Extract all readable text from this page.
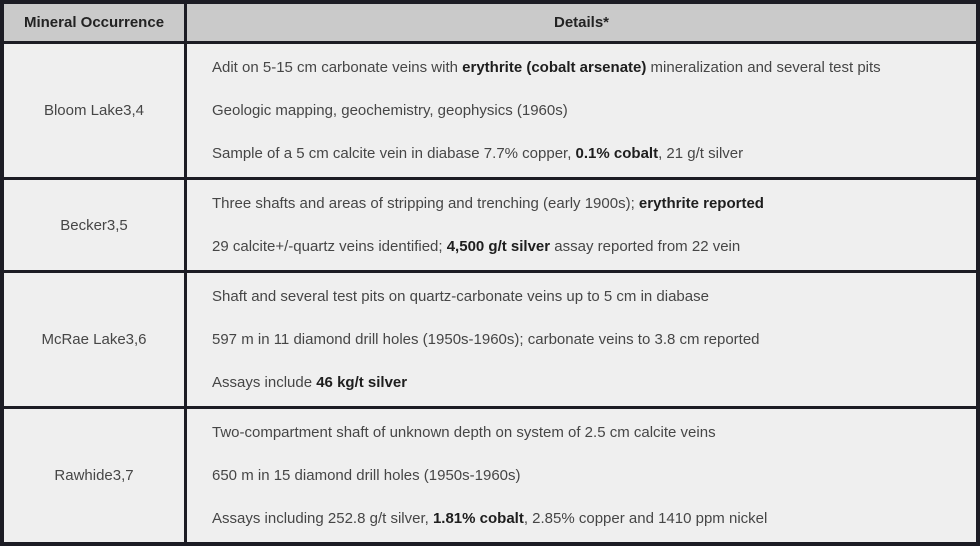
Mineral Occurrence	Details*
Bloom Lake3,4	Adit on 5-15 cm carbonate veins with erythrite (cobalt arsenate) mineralization and several test pits

Geologic mapping, geochemistry, geophysics (1960s)

Sample of a 5 cm calcite vein in diabase 7.7% copper, 0.1% cobalt, 21 g/t silver

Becker3,5	Three shafts and areas of stripping and trenching (early 1900s); erythrite reported

29 calcite+/-quartz veins identified; 4,500 g/t silver assay reported from 22 vein

McRae Lake3,6	Shaft and several test pits on quartz-carbonate veins up to 5 cm in diabase

597 m in 11 diamond drill holes (1950s-1960s); carbonate veins to 3.8 cm reported

Assays include 46 kg/t silver

Rawhide3,7	Two-compartment shaft of unknown depth on system of 2.5 cm calcite veins

650 m in 15 diamond drill holes (1950s-1960s)

Assays including 252.8 g/t silver, 1.81% cobalt, 2.85% copper and 1410 ppm nickel
